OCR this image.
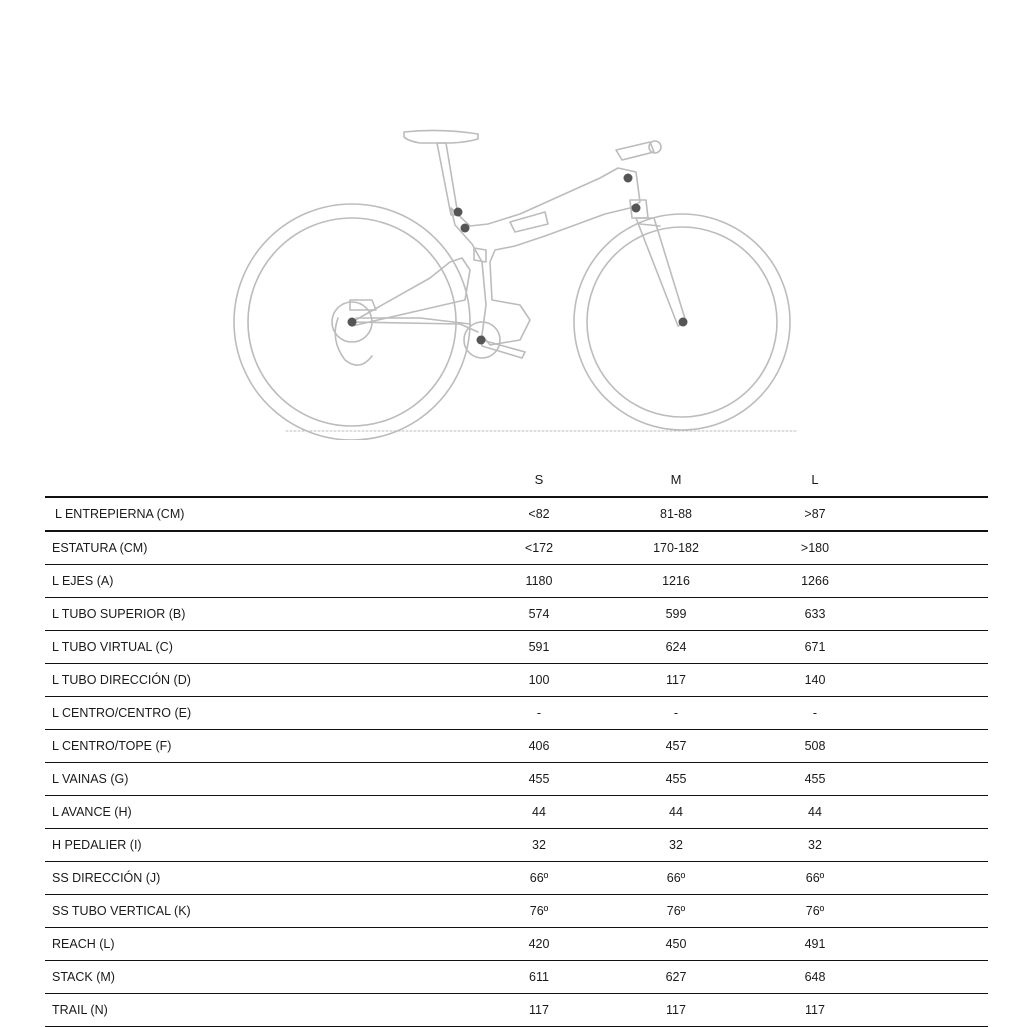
	S	M	L	
L ENTREPIERNA (CM)	<82	81-88	>87	
ESTATURA (CM)	<172	170-182	>180	
L EJES (A)	1180	1216	1266	
L TUBO SUPERIOR (B)	574	599	633	
L TUBO VIRTUAL (C)	591	624	671	
L TUBO DIRECCIÓN (D)	100	117	140	
L CENTRO/CENTRO (E)	-	-	-	
L CENTRO/TOPE (F)	406	457	508	
L VAINAS (G)	455	455	455	
L AVANCE (H)	44	44	44	
H PEDALIER (I)	32	32	32	
SS DIRECCIÓN (J)	66º	66º	66º	
SS TUBO VERTICAL (K)	76º	76º	76º	
REACH (L)	420	450	491	
STACK (M)	611	627	648	
TRAIL (N)	117	117	117	
